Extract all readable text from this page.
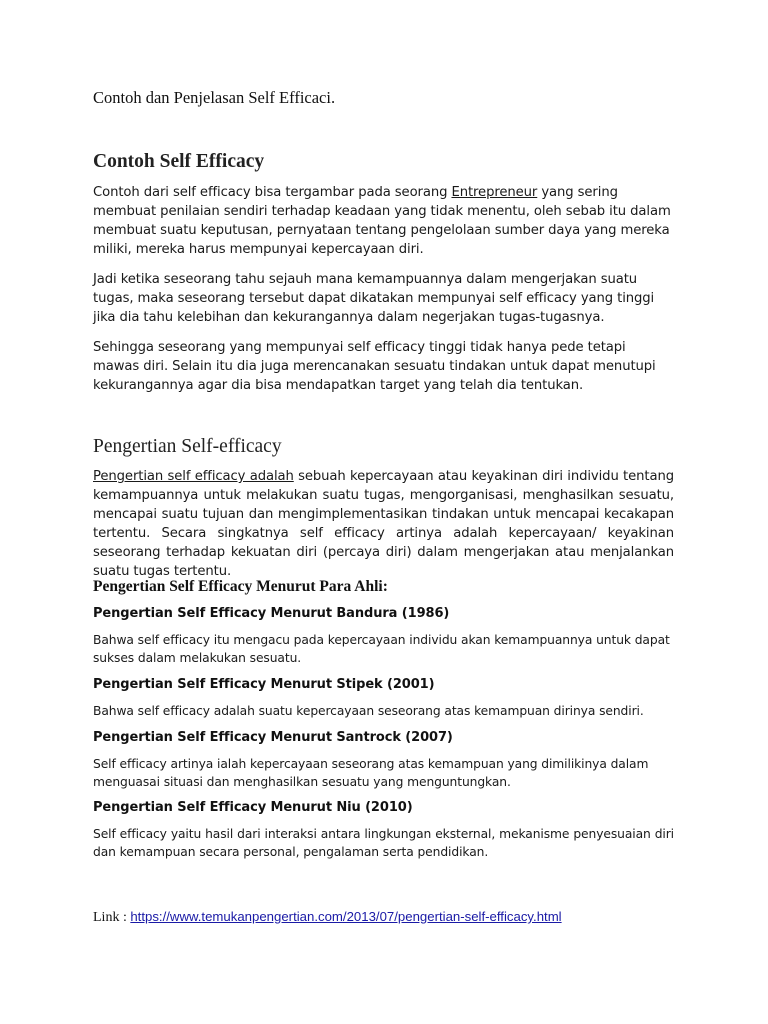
Contoh dan Penjelasan Self Efficaci.

Contoh Self Efficacy

Contoh dari self efficacy bisa tergambar pada seorang Entrepreneur yang sering membuat penilaian sendiri terhadap keadaan yang tidak menentu, oleh sebab itu dalam membuat suatu keputusan, pernyataan tentang pengelolaan sumber daya yang mereka miliki, mereka harus mempunyai kepercayaan diri.

Jadi ketika seseorang tahu sejauh mana kemampuannya dalam mengerjakan suatu tugas, maka seseorang tersebut dapat dikatakan mempunyai self efficacy yang tinggi jika dia tahu kelebihan dan kekurangannya dalam negerjakan tugas-tugasnya.

Sehingga seseorang yang mempunyai self efficacy tinggi tidak hanya pede tetapi mawas diri. Selain itu dia juga merencanakan sesuatu tindakan untuk dapat menutupi kekurangannya agar dia bisa mendapatkan target yang telah dia tentukan.

Pengertian Self-efficacy

Pengertian self efficacy adalah sebuah kepercayaan atau keyakinan diri individu tentang kemampuannya untuk melakukan suatu tugas, mengorganisasi, menghasilkan sesuatu, mencapai suatu tujuan dan mengimplementasikan tindakan untuk mencapai kecakapan tertentu. Secara singkatnya self efficacy artinya adalah kepercayaan/ keyakinan seseorang terhadap kekuatan diri (percaya diri) dalam mengerjakan atau menjalankan suatu tugas tertentu.

Pengertian Self Efficacy Menurut Para Ahli:
Pengertian Self Efficacy Menurut Bandura (1986)

Bahwa self efficacy itu mengacu pada kepercayaan individu akan kemampuannya untuk dapat sukses dalam melakukan sesuatu.

Pengertian Self Efficacy Menurut Stipek (2001)

Bahwa self efficacy adalah suatu kepercayaan seseorang atas kemampuan dirinya sendiri.

Pengertian Self Efficacy Menurut Santrock (2007)

Self efficacy artinya ialah kepercayaan seseorang atas kemampuan yang dimilikinya dalam menguasai situasi dan menghasilkan sesuatu yang menguntungkan.

Pengertian Self Efficacy Menurut Niu (2010)

Self efficacy yaitu hasil dari interaksi antara lingkungan eksternal, mekanisme penyesuaian diri dan kemampuan secara personal, pengalaman serta pendidikan.

Link : https://www.temukanpengertian.com/2013/07/pengertian-self-efficacy.html
